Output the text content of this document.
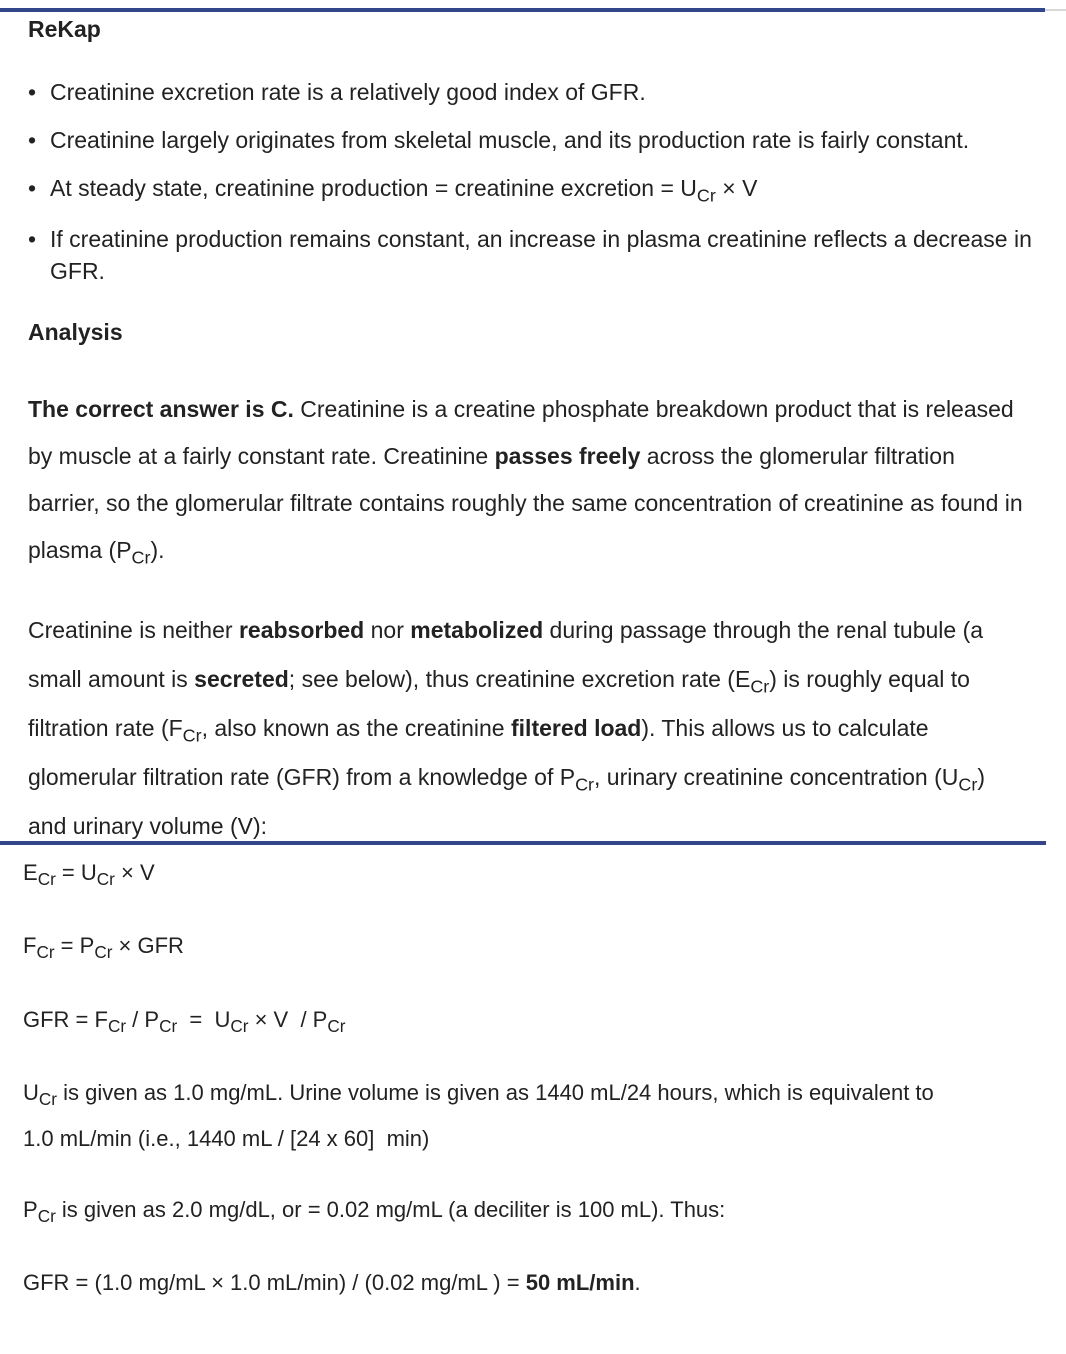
ReKap
• Creatinine excretion rate is a relatively good index of GFR.
• Creatinine largely originates from skeletal muscle, and its production rate is fairly constant.
• At steady state, creatinine production = creatinine excretion = $U_{Cr} \times V$
• If creatinine production remains constant, an increase in plasma creatinine reflects a decrease in GFR.
Analysis
The correct answer is C. Creatinine is a creatine phosphate breakdown product that is released by muscle at a fairly constant rate. Creatinine passes freely across the glomerular filtration barrier, so the glomerular filtrate contains roughly the same concentration of creatinine as found in plasma $(P_{Cr})$.
Creatinine is neither reabsorbed nor metabolized during passage through the renal tubule (a small amount is secreted; see below), thus creatinine excretion rate $(E_{Cr})$ is roughly equal to filtration rate ($F_{Cr}$, also known as the creatinine filtered load). This allows us to calculate glomerular filtration rate (GFR) from a knowledge of $P_{Cr}$, urinary creatinine concentration $(U_{Cr})$ and urinary volume (V):
$E_{Cr} = U_{Cr} \times V$
$F_{Cr} = P_{Cr}$ × GFR
GFR = $F_{Cr} / P_{Cr} = U_{Cr} \times V / P_{Cr}$
$U_{Cr}$ is given as 1.0 mg/mL. Urine volume is given as 1440 mL/24 hours, which is equivalent to
1.0 mL/min (i.e., 1440 mL / [24 x 60]  min)
$P_{Cr}$ is given as 2.0 mg/dL, or = 0.02 mg/mL (a deciliter is 100 mL). Thus:
GFR = (1.0 mg/mL × 1.0 mL/min) / (0.02 mg/mL ) = 50 mL/min.
